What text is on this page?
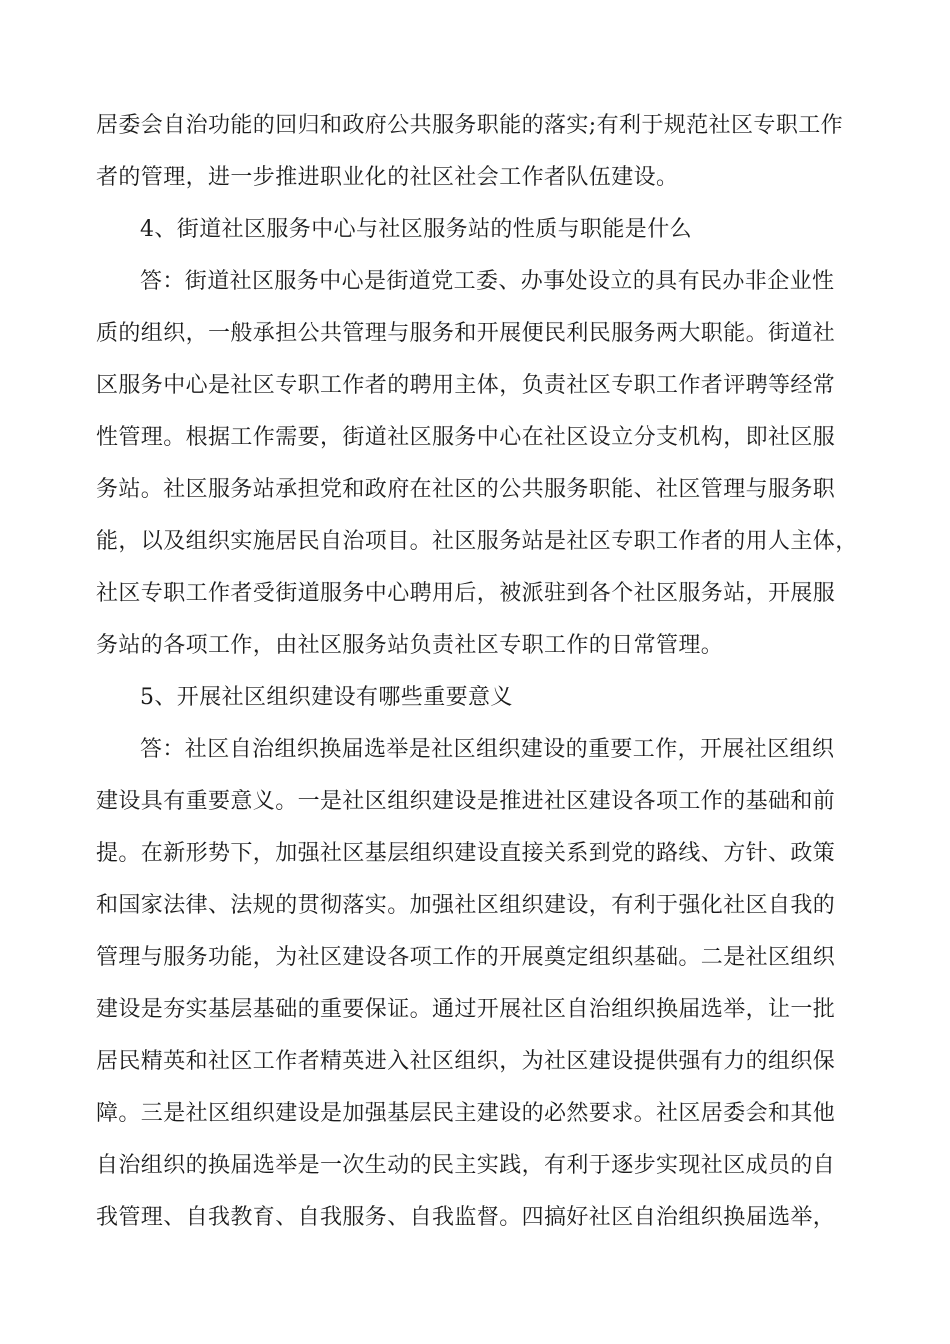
居委会自治功能的回归和政府公共服务职能的落实;有利于规范社区专职工作
者的管理，进一步推进职业化的社区社会工作者队伍建设。
4、街道社区服务中心与社区服务站的性质与职能是什么
答：街道社区服务中心是街道党工委、办事处设立的具有民办非企业性
质的组织，一般承担公共管理与服务和开展便民利民服务两大职能。街道社
区服务中心是社区专职工作者的聘用主体，负责社区专职工作者评聘等经常
性管理。根据工作需要，街道社区服务中心在社区设立分支机构，即社区服
务站。社区服务站承担党和政府在社区的公共服务职能、社区管理与服务职
能，以及组织实施居民自治项目。社区服务站是社区专职工作者的用人主体，
社区专职工作者受街道服务中心聘用后，被派驻到各个社区服务站，开展服
务站的各项工作，由社区服务站负责社区专职工作的日常管理。
5、开展社区组织建设有哪些重要意义
答：社区自治组织换届选举是社区组织建设的重要工作，开展社区组织
建设具有重要意义。一是社区组织建设是推进社区建设各项工作的基础和前
提。在新形势下，加强社区基层组织建设直接关系到党的路线、方针、政策
和国家法律、法规的贯彻落实。加强社区组织建设，有利于强化社区自我的
管理与服务功能，为社区建设各项工作的开展奠定组织基础。二是社区组织
建设是夯实基层基础的重要保证。通过开展社区自治组织换届选举，让一批
居民精英和社区工作者精英进入社区组织，为社区建设提供强有力的组织保
障。三是社区组织建设是加强基层民主建设的必然要求。社区居委会和其他
自治组织的换届选举是一次生动的民主实践，有利于逐步实现社区成员的自
我管理、自我教育、自我服务、自我监督。四搞好社区自治组织换届选举，
